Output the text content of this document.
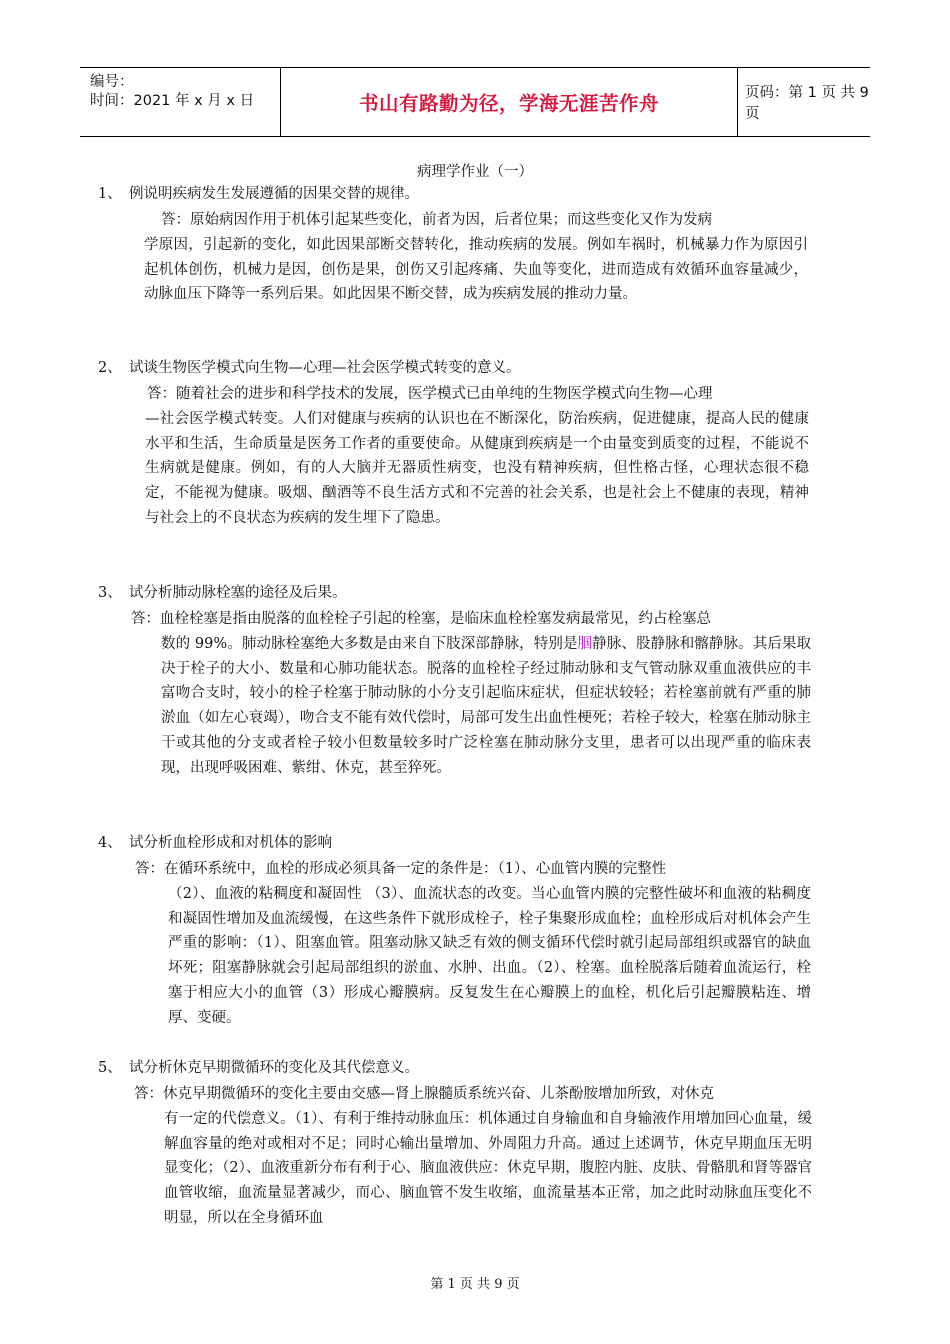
编号：
时间：2021 年 x 月 x 日	书山有路勤为径，学海无涯苦作舟	页码：第 1 页 共 9 页
病理学作业（一）
1、 例说明疾病发生发展遵循的因果交替的规律。

答：原始病因作用于机体引起某些变化，前者为因，后者位果；而这些变化又作为发病

学原因，引起新的变化，如此因果部断交替转化，推动疾病的发展。例如车祸时，机械暴力作为原因引起机体创伤，机械力是因，创伤是果，创伤又引起疼痛、失血等变化，进而造成有效循环血容量减少，动脉血压下降等一系列后果。如此因果不断交替，成为疾病发展的推动力量。

2、 试谈生物医学模式向生物—心理—社会医学模式转变的意义。

答：随着社会的进步和科学技术的发展，医学模式已由单纯的生物医学模式向生物—心理

—社会医学模式转变。人们对健康与疾病的认识也在不断深化，防治疾病，促进健康，提高人民的健康水平和生活，生命质量是医务工作者的重要使命。从健康到疾病是一个由量变到质变的过程，不能说不生病就是健康。例如，有的人大脑并无器质性病变，也没有精神疾病，但性格古怪，心理状态很不稳定，不能视为健康。吸烟、酗酒等不良生活方式和不完善的社会关系，也是社会上不健康的表现，精神与社会上的不良状态为疾病的发生埋下了隐患。

3、 试分析肺动脉栓塞的途径及后果。

答：血栓栓塞是指由脱落的血栓栓子引起的栓塞，是临床血栓栓塞发病最常见，约占栓塞总

数的 99%。肺动脉栓塞绝大多数是由来自下肢深部静脉，特别是腘静脉、股静脉和髂静脉。其后果取决于栓子的大小、数量和心肺功能状态。脱落的血栓栓子经过肺动脉和支气管动脉双重血液供应的丰富吻合支时，较小的栓子栓塞于肺动脉的小分支引起临床症状，但症状较轻；若栓塞前就有严重的肺淤血（如左心衰竭），吻合支不能有效代偿时，局部可发生出血性梗死；若栓子较大，栓塞在肺动脉主干或其他的分支或者栓子较小但数量较多时广泛栓塞在肺动脉分支里，患者可以出现严重的临床表现，出现呼吸困难、紫绀、休克，甚至猝死。

4、 试分析血栓形成和对机体的影响

答：在循环系统中，血栓的形成必须具备一定的条件是：（1）、心血管内膜的完整性

（2）、血液的粘稠度和凝固性 （3）、血流状态的改变。当心血管内膜的完整性破坏和血液的粘稠度和凝固性增加及血流缓慢，在这些条件下就形成栓子，栓子集聚形成血栓；血栓形成后对机体会产生严重的影响：（1）、阻塞血管。阻塞动脉又缺乏有效的侧支循环代偿时就引起局部组织或器官的缺血坏死；阻塞静脉就会引起局部组织的淤血、水肿、出血。（2）、栓塞。血栓脱落后随着血流运行，栓塞于相应大小的血管（3）形成心瓣膜病。反复发生在心瓣膜上的血栓，机化后引起瓣膜粘连、增厚、变硬。

5、 试分析休克早期微循环的变化及其代偿意义。

答：休克早期微循环的变化主要由交感—肾上腺髓质系统兴奋、儿茶酚胺增加所致，对休克

有一定的代偿意义。（1）、有利于维持动脉血压：机体通过自身输血和自身输液作用增加回心血量，缓解血容量的绝对或相对不足；同时心输出量增加、外周阻力升高。通过上述调节，休克早期血压无明显变化；（2）、血液重新分布有利于心、脑血液供应：休克早期，腹腔内脏、皮肤、骨骼肌和肾等器官血管收缩，血流量显著减少，而心、脑血管不发生收缩，血流量基本正常，加之此时动脉血压变化不明显，所以在全身循环血

第 1 页 共 9 页
